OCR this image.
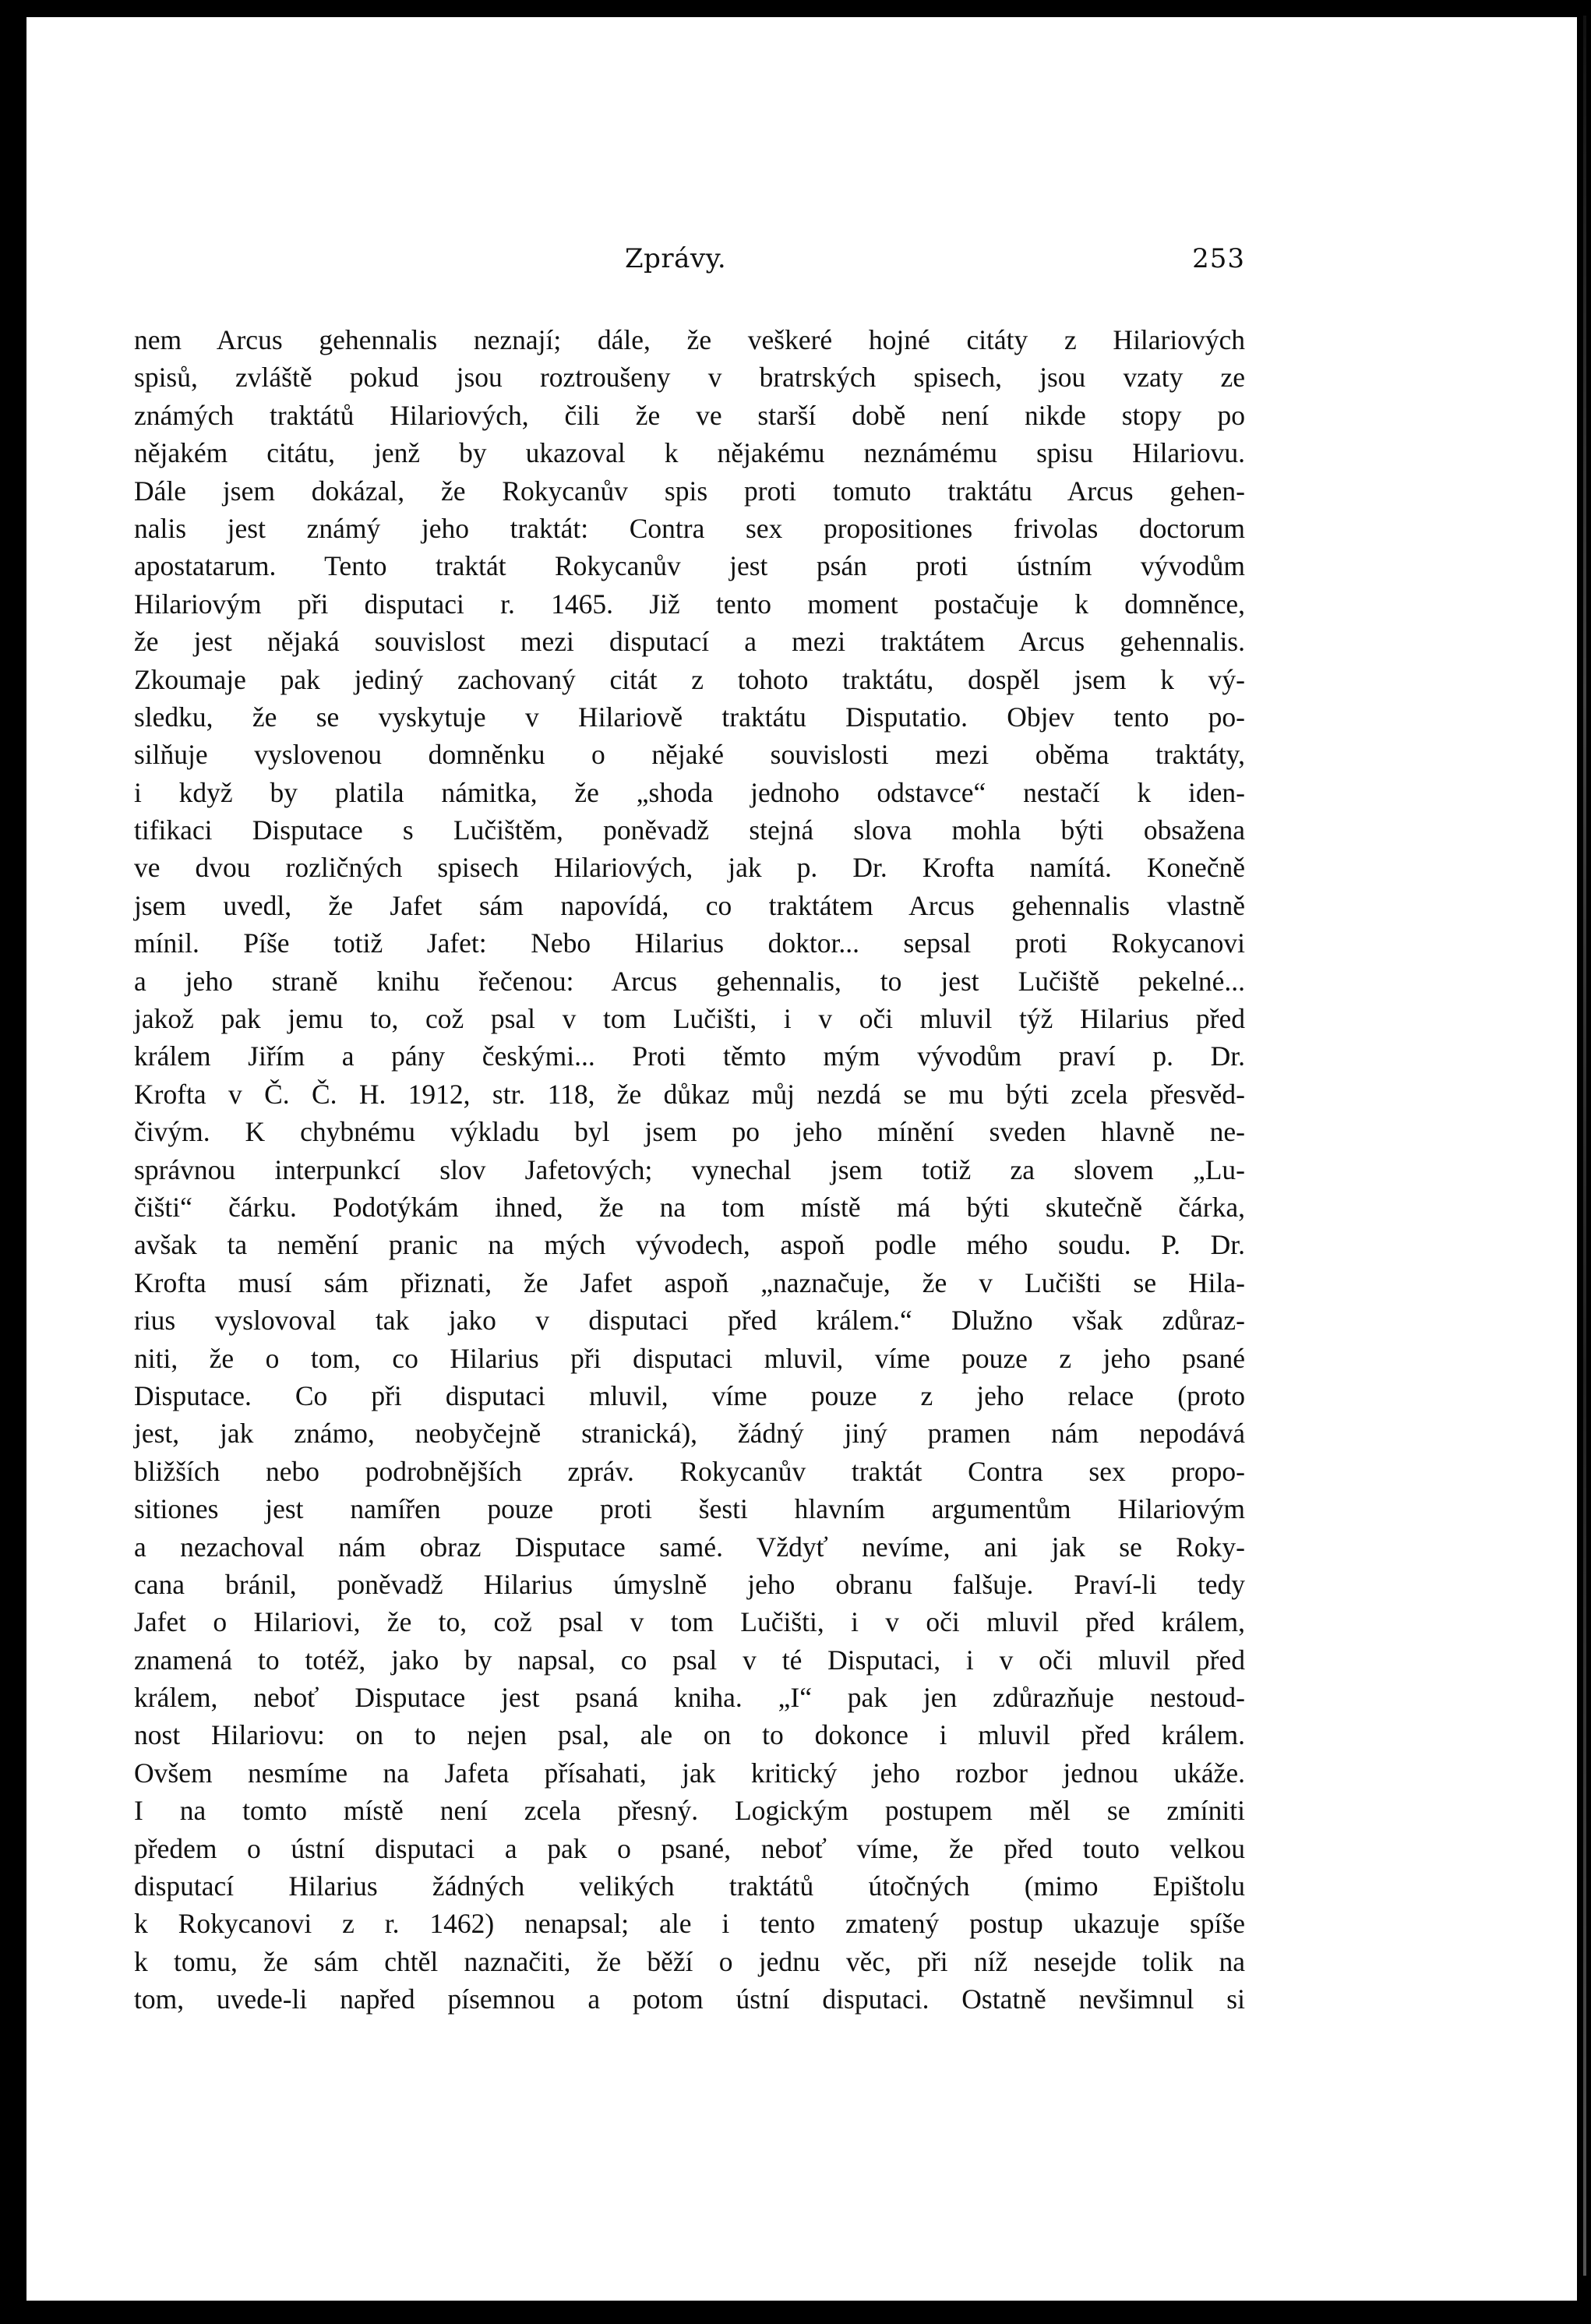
Zprávy.	253
nem Arcus gehennalis neznají; dále, že veškeré hojné citáty z Hilariových
spisů, zvláště pokud jsou roztroušeny v bratrských spisech, jsou vzaty ze
známých traktátů Hilariových, čili že ve starší době není nikde stopy po
nějakém citátu, jenž by ukazoval k nějakému neznámému spisu Hilariovu.
Dále jsem dokázal, že Rokycanův spis proti tomuto traktátu Arcus gehen-
nalis jest známý jeho traktát: Contra sex propositiones frivolas doctorum
apostatarum. Tento traktát Rokycanův jest psán proti ústním vývodům
Hilariovým při disputaci r. 1465. Již tento moment postačuje k domněnce,
že jest nějaká souvislost mezi disputací a mezi traktátem Arcus gehennalis.
Zkoumaje pak jediný zachovaný citát z tohoto traktátu, dospěl jsem k vý-
sledku, že se vyskytuje v Hilariově traktátu Disputatio. Objev tento po-
silňuje vyslovenou domněnku o nějaké souvislosti mezi oběma traktáty,
i když by platila námitka, že „shoda jednoho odstavce“ nestačí k iden-
tifikaci Disputace s Lučištěm, poněvadž stejná slova mohla býti obsažena
ve dvou rozličných spisech Hilariových, jak p. Dr. Krofta namítá. Konečně
jsem uvedl, že Jafet sám napovídá, co traktátem Arcus gehennalis vlastně
mínil. Píše totiž Jafet: Nebo Hilarius doktor... sepsal proti Rokycanovi
a jeho straně knihu řečenou: Arcus gehennalis, to jest Lučiště pekelné...
jakož pak jemu to, což psal v tom Lučišti, i v oči mluvil týž Hilarius před
králem Jiřím a pány českými... Proti těmto mým vývodům praví p. Dr.
Krofta v Č. Č. H. 1912, str. 118, že důkaz můj nezdá se mu býti zcela přesvěd-
čivým. K chybnému výkladu byl jsem po jeho mínění sveden hlavně ne-
správnou interpunkcí slov Jafetových; vynechal jsem totiž za slovem „Lu-
čišti“ čárku. Podotýkám ihned, že na tom místě má býti skutečně čárka,
avšak ta nemění pranic na mých vývodech, aspoň podle mého soudu. P. Dr.
Krofta musí sám přiznati, že Jafet aspoň „naznačuje, že v Lučišti se Hila-
rius vyslovoval tak jako v disputaci před králem.“ Dlužno však zdůraz-
niti, že o tom, co Hilarius při disputaci mluvil, víme pouze z jeho psané
Disputace. Co při disputaci mluvil, víme pouze z jeho relace (proto
jest, jak známo, neobyčejně stranická), žádný jiný pramen nám nepodává
bližších nebo podrobnějších zpráv. Rokycanův traktát Contra sex propo-
sitiones jest namířen pouze proti šesti hlavním argumentům Hilariovým
a nezachoval nám obraz Disputace samé. Vždyť nevíme, ani jak se Roky-
cana bránil, poněvadž Hilarius úmyslně jeho obranu falšuje. Praví-li tedy
Jafet o Hilariovi, že to, což psal v tom Lučišti, i v oči mluvil před králem,
znamená to totéž, jako by napsal, co psal v té Disputaci, i v oči mluvil před
králem, neboť Disputace jest psaná kniha. „I“ pak jen zdůrazňuje nestoud-
nost Hilariovu: on to nejen psal, ale on to dokonce i mluvil před králem.
Ovšem nesmíme na Jafeta přísahati, jak kritický jeho rozbor jednou ukáže.
I na tomto místě není zcela přesný. Logickým postupem měl se zmíniti
předem o ústní disputaci a pak o psané, neboť víme, že před touto velkou
disputací Hilarius žádných velikých traktátů útočných (mimo Epištolu
k Rokycanovi z r. 1462) nenapsal; ale i tento zmatený postup ukazuje spíše
k tomu, že sám chtěl naznačiti, že běží o jednu věc, při níž nesejde tolik na
tom, uvede-li napřed písemnou a potom ústní disputaci. Ostatně nevšimnul si
